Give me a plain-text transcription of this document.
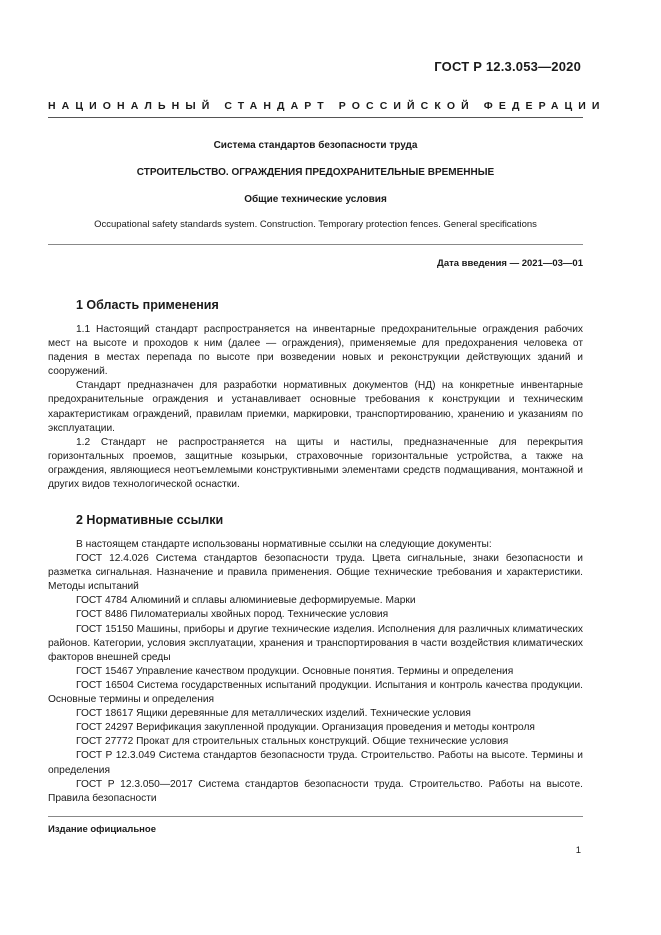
ГОСТ Р 12.3.053—2020
НАЦИОНАЛЬНЫЙ СТАНДАРТ РОССИЙСКОЙ ФЕДЕРАЦИИ
Система стандартов безопасности труда
СТРОИТЕЛЬСТВО. ОГРАЖДЕНИЯ ПРЕДОХРАНИТЕЛЬНЫЕ ВРЕМЕННЫЕ
Общие технические условия
Occupational safety standards system. Construction. Temporary protection fences. General specifications
Дата введения — 2021—03—01
1 Область применения

1.1 Настоящий стандарт распространяется на инвентарные предохранительные ограждения рабочих мест на высоте и проходов к ним (далее — ограждения), применяемые для предохранения человека от падения в местах перепада по высоте при возведении новых и реконструкции действующих зданий и сооружений.

Стандарт предназначен для разработки нормативных документов (НД) на конкретные инвентарные предохранительные ограждения и устанавливает основные требования к конструкции и техническим характеристикам ограждений, правилам приемки, маркировки, транспортированию, хранению и указаниям по эксплуатации.

1.2 Стандарт не распространяется на щиты и настилы, предназначенные для перекрытия горизонтальных проемов, защитные козырьки, страховочные горизонтальные устройства, а также на ограждения, являющиеся неотъемлемыми конструктивными элементами средств подмащивания, монтажной и других видов технологической оснастки.

2 Нормативные ссылки

В настоящем стандарте использованы нормативные ссылки на следующие документы:

ГОСТ 12.4.026 Система стандартов безопасности труда. Цвета сигнальные, знаки безопасности и разметка сигнальная. Назначение и правила применения. Общие технические требования и характеристики. Методы испытаний

ГОСТ 4784 Алюминий и сплавы алюминиевые деформируемые. Марки

ГОСТ 8486 Пиломатериалы хвойных пород. Технические условия

ГОСТ 15150 Машины, приборы и другие технические изделия. Исполнения для различных климатических районов. Категории, условия эксплуатации, хранения и транспортирования в части воздействия климатических факторов внешней среды

ГОСТ 15467 Управление качеством продукции. Основные понятия. Термины и определения

ГОСТ 16504 Система государственных испытаний продукции. Испытания и контроль качества продукции. Основные термины и определения

ГОСТ 18617 Ящики деревянные для металлических изделий. Технические условия

ГОСТ 24297 Верификация закупленной продукции. Организация проведения и методы контроля

ГОСТ 27772 Прокат для строительных стальных конструкций. Общие технические условия

ГОСТ Р 12.3.049 Система стандартов безопасности труда. Строительство. Работы на высоте. Термины и определения

ГОСТ Р 12.3.050—2017 Система стандартов безопасности труда. Строительство. Работы на высоте. Правила безопасности

Издание официальное
1
